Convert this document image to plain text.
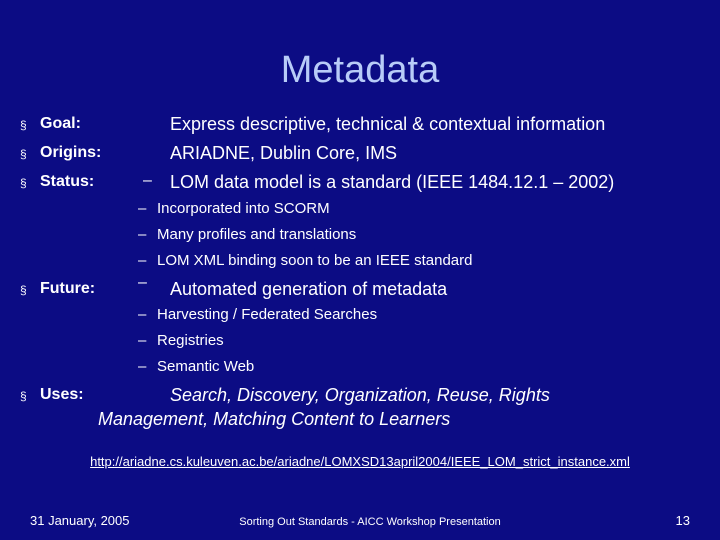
Metadata
§ Goal:	Express descriptive, technical & contextual information
§ Origins:	ARIADNE, Dublin Core, IMS
§ Status:	– LOM data model is a standard (IEEE 1484.12.1 – 2002)
– Incorporated into SCORM
– Many profiles and translations
– LOM XML binding soon to be an IEEE standard
§ Future:	– Automated generation of metadata
– Harvesting / Federated Searches
– Registries
– Semantic Web
§ Uses:	Search, Discovery, Organization, Reuse, Rights
Management, Matching Content to Learners
http://ariadne.cs.kuleuven.ac.be/ariadne/LOMXSD13april2004/IEEE_LOM_strict_instance.xml
31 January, 2005	Sorting Out Standards - AICC Workshop Presentation	13
